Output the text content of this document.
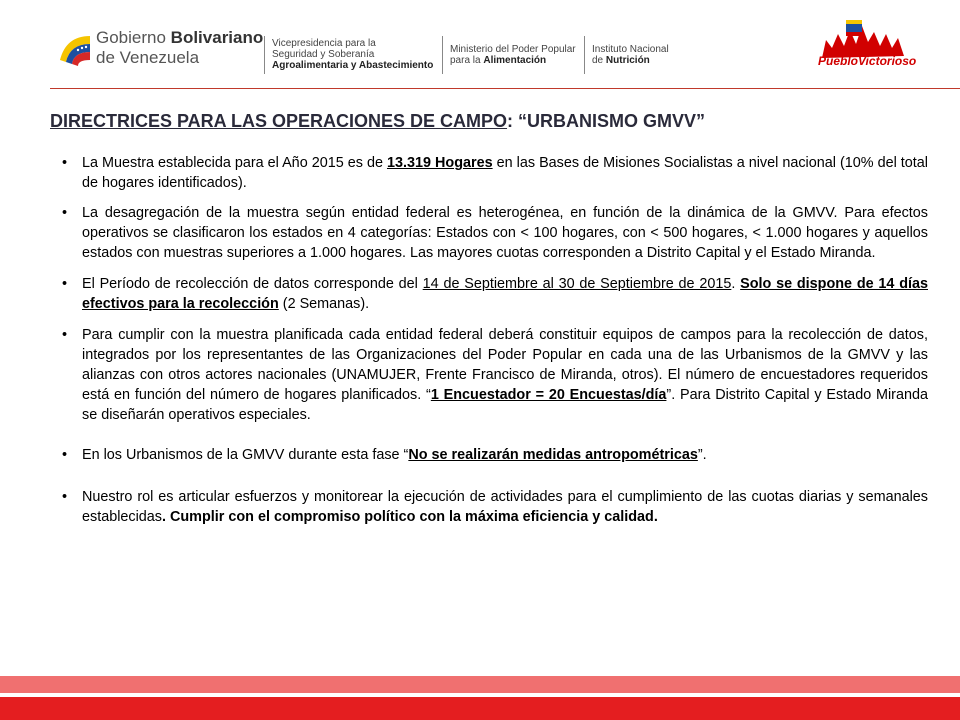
Gobierno Bolivariano
de Venezuela
Vicepresidencia para la
Seguridad y Soberanía
Agroalimentaria y Abastecimiento
Ministerio del Poder Popular
para la Alimentación
Instituto Nacional
de Nutrición	PuebloVictorioso
DIRECTRICES PARA LAS OPERACIONES DE CAMPO: “URBANISMO GMVV”
• La Muestra establecida para el Año 2015 es de 13.319 Hogares en las Bases de Misiones Socialistas a nivel nacional (10% del total de hogares identificados).
• La desagregación de la muestra según entidad federal es heterogénea, en función de la dinámica de la GMVV. Para efectos operativos se clasificaron los estados en 4 categorías: Estados con < 100 hogares, con < 500 hogares, < 1.000 hogares y aquellos estados con muestras superiores a 1.000 hogares. Las mayores cuotas corresponden a Distrito Capital y el Estado Miranda.
• El Período de recolección de datos corresponde del 14 de Septiembre al 30 de Septiembre de 2015. Solo se dispone de 14 días efectivos para la recolección (2 Semanas).
• Para cumplir con la muestra planificada cada entidad federal deberá constituir equipos de campos para la recolección de datos, integrados por los representantes de las Organizaciones del Poder Popular en cada una de las Urbanismos de la GMVV y las alianzas con otros actores nacionales (UNAMUJER, Frente Francisco de Miranda, otros). El número de encuestadores requeridos está en función del número de hogares planificados. “1 Encuestador = 20 Encuestas/día”. Para Distrito Capital y Estado Miranda se diseñarán operativos especiales.
• En los Urbanismos de la GMVV durante esta fase “No se realizarán medidas antropométricas”.
• Nuestro rol es articular esfuerzos y monitorear la ejecución de actividades para el cumplimiento de las cuotas diarias y semanales establecidas. Cumplir con el compromiso político con la máxima eficiencia y calidad.
